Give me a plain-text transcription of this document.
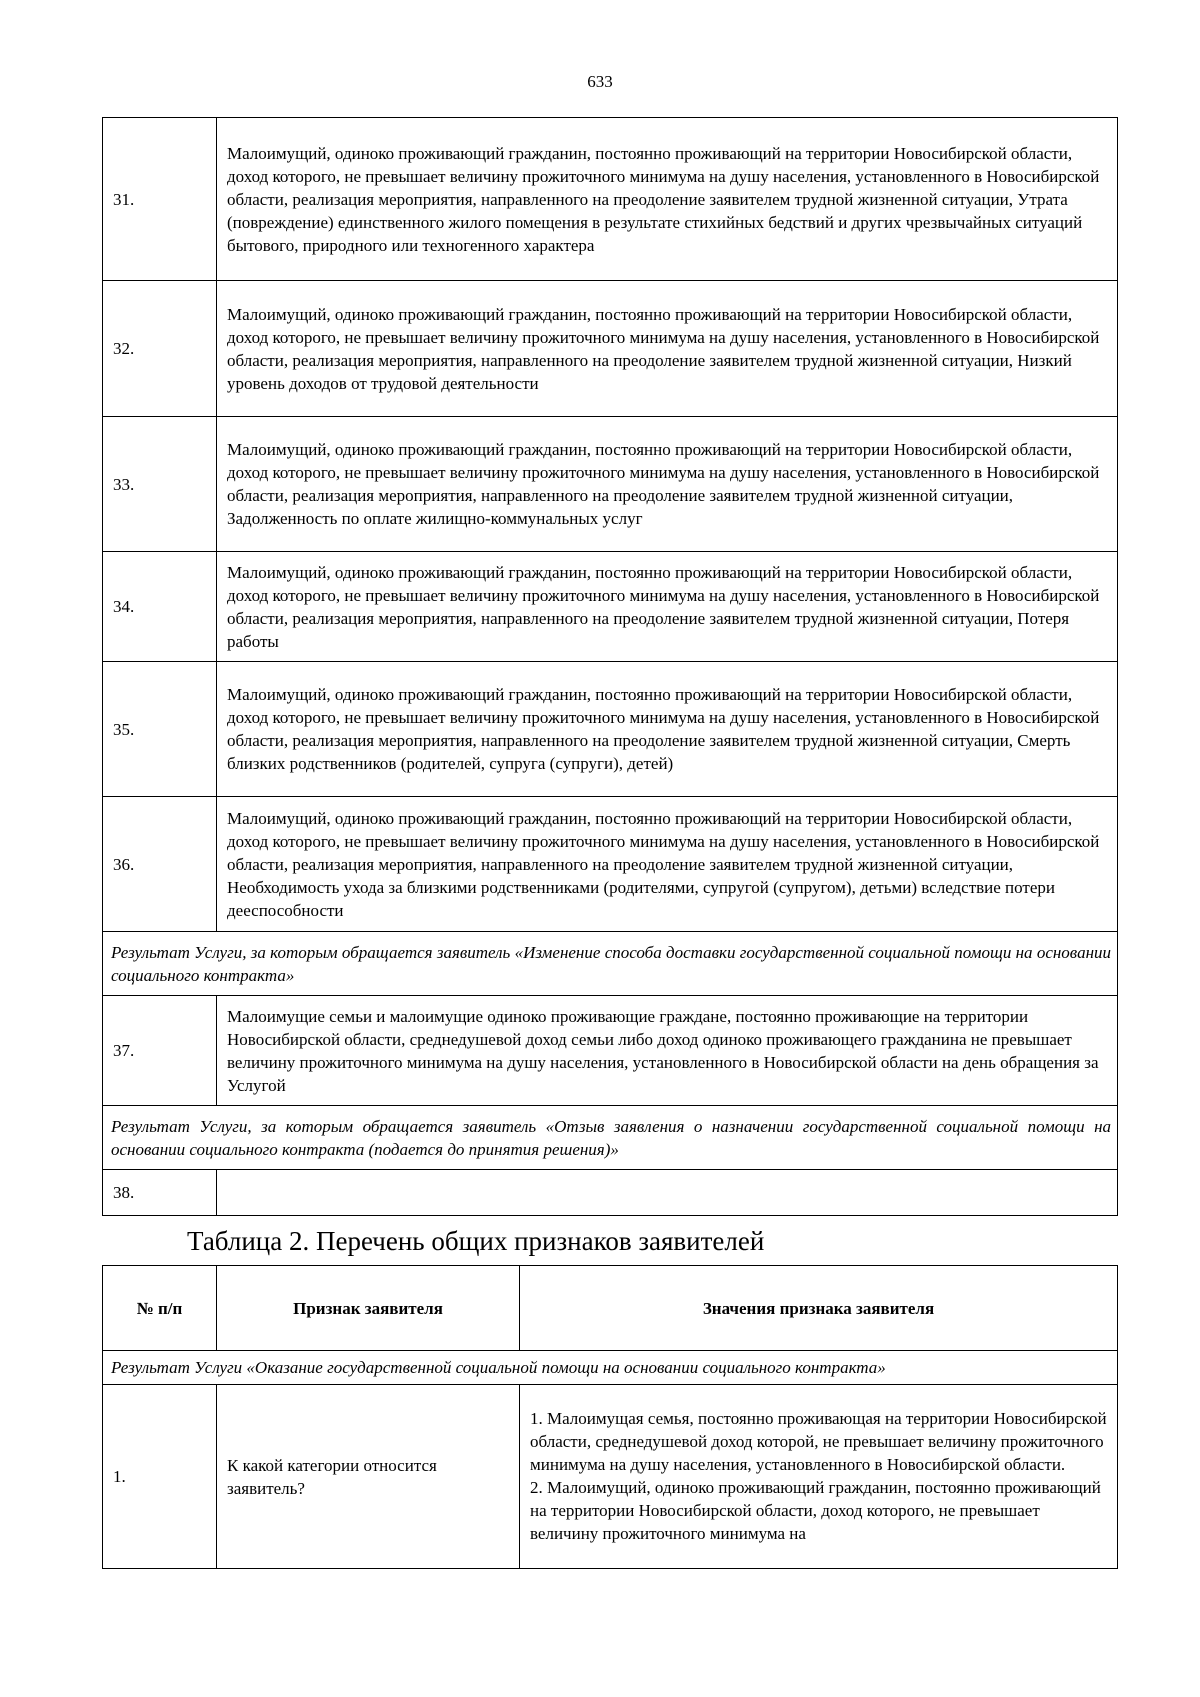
633
31.	Малоимущий, одиноко проживающий гражданин, постоянно проживающий на территории Новосибирской области, доход которого, не превышает величину прожиточного минимума на душу населения, установленного в Новосибирской области, реализация мероприятия, направленного на преодоление заявителем трудной жизненной ситуации, Утрата (повреждение) единственного жилого помещения в результате стихийных бедствий и других чрезвычайных ситуаций бытового, природного или техногенного характера
32.	Малоимущий, одиноко проживающий гражданин, постоянно проживающий на территории Новосибирской области, доход которого, не превышает величину прожиточного минимума на душу населения, установленного в Новосибирской области, реализация мероприятия, направленного на преодоление заявителем трудной жизненной ситуации, Низкий уровень доходов от трудовой деятельности
33.	Малоимущий, одиноко проживающий гражданин, постоянно проживающий на территории Новосибирской области, доход которого, не превышает величину прожиточного минимума на душу населения, установленного в Новосибирской области, реализация мероприятия, направленного на преодоление заявителем трудной жизненной ситуации, Задолженность по оплате жилищно-коммунальных услуг
34.	Малоимущий, одиноко проживающий гражданин, постоянно проживающий на территории Новосибирской области, доход которого, не превышает величину прожиточного минимума на душу населения, установленного в Новосибирской области, реализация мероприятия, направленного на преодоление заявителем трудной жизненной ситуации, Потеря работы
35.	Малоимущий, одиноко проживающий гражданин, постоянно проживающий на территории Новосибирской области, доход которого, не превышает величину прожиточного минимума на душу населения, установленного в Новосибирской области, реализация мероприятия, направленного на преодоление заявителем трудной жизненной ситуации, Смерть близких родственников (родителей, супруга (супруги), детей)
36.	Малоимущий, одиноко проживающий гражданин, постоянно проживающий на территории Новосибирской области, доход которого, не превышает величину прожиточного минимума на душу населения, установленного в Новосибирской области, реализация мероприятия, направленного на преодоление заявителем трудной жизненной ситуации, Необходимость ухода за близкими родственниками (родителями, супругой (супругом), детьми) вследствие потери дееспособности
Результат Услуги, за которым обращается заявитель «Изменение способа доставки государственной социальной помощи на основании социального контракта»	
37.	Малоимущие семьи и малоимущие одиноко проживающие граждане, постоянно проживающие на территории Новосибирской области, среднедушевой доход семьи либо доход одиноко проживающего гражданина не превышает величину прожиточного минимума на душу населения, установленного в Новосибирской области на день обращения за Услугой
Результат Услуги, за которым обращается заявитель «Отзыв заявления о назначении государственной социальной помощи на основании социального контракта (подается до принятия решения)»	
38.	
Таблица 2. Перечень общих признаков заявителей
№ п/п	Признак заявителя	Значения признака заявителя
Результат Услуги «Оказание государственной социальной помощи на основании социального контракта»		
1.	К какой категории относится заявитель?	1. Малоимущая семья, постоянно проживающая на территории Новосибирской области, среднедушевой доход которой, не превышает величину прожиточного минимума на душу населения, установленного в Новосибирской области.
2. Малоимущий, одиноко проживающий гражданин, постоянно проживающий на территории Новосибирской области, доход которого, не превышает величину прожиточного минимума на
